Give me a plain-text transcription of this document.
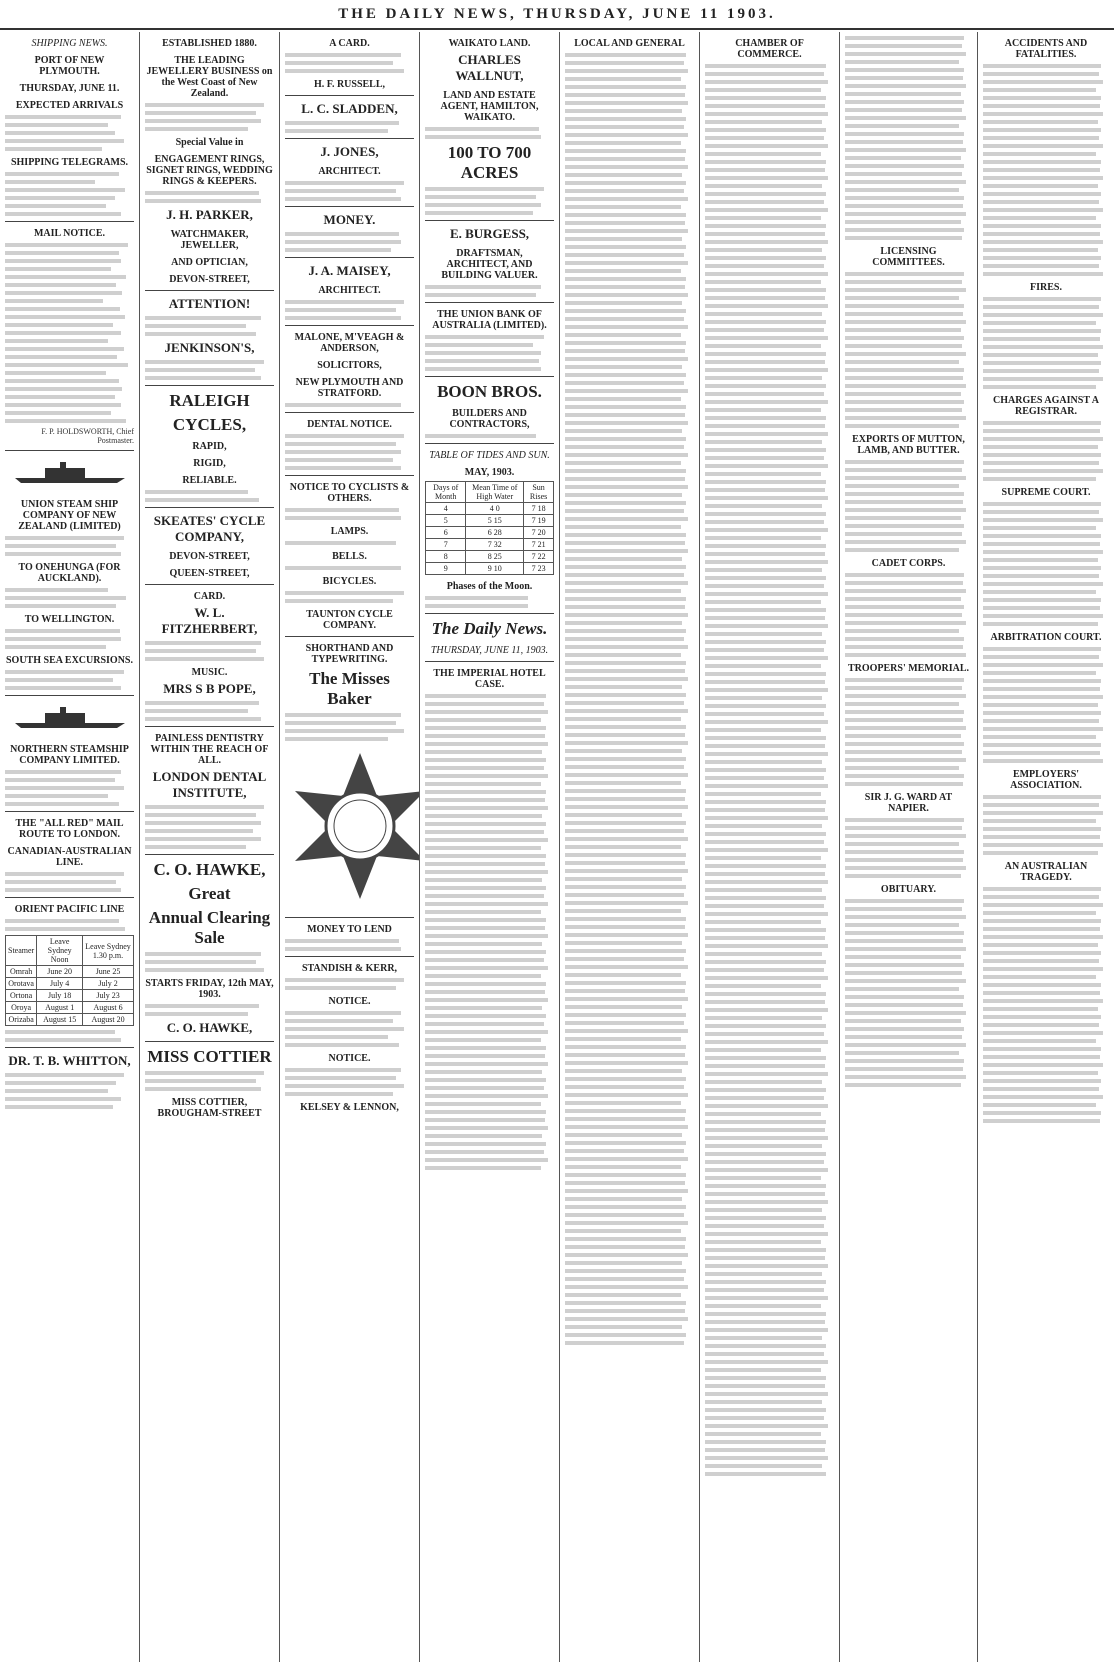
THE DAILY NEWS, THURSDAY, JUNE 11 1903.
SHIPPING NEWS.
PORT OF NEW PLYMOUTH.
THURSDAY, JUNE 11.
EXPECTED ARRIVALS
SHIPPING TELEGRAMS.
MAIL NOTICE.
F. P. HOLDSWORTH, Chief Postmaster.
UNION STEAM SHIP COMPANY OF NEW ZEALAND (LIMITED)
TO ONEHUNGA (FOR AUCKLAND).
TO WELLINGTON.
SOUTH SEA EXCURSIONS.
NORTHERN STEAMSHIP COMPANY LIMITED.
THE "ALL RED" MAIL ROUTE TO LONDON.
CANADIAN-AUSTRALIAN LINE.
ORIENT PACIFIC LINE
Steamer	Leave Sydney Noon	Leave Sydney 1.30 p.m.
Omrah	June 20	June 25
Orotava	July 4	July 2
Ortona	July 18	July 23
Oroya	August 1	August 6
Orizaba	August 15	August 20
DR. T. B. WHITTON,
ESTABLISHED 1880.
THE LEADING JEWELLERY BUSINESS on the West Coast of New Zealand.
Special Value in
ENGAGEMENT RINGS, SIGNET RINGS, WEDDING RINGS & KEEPERS.
J. H. PARKER,
WATCHMAKER, JEWELLER,
AND OPTICIAN,
DEVON-STREET,
ATTENTION!
JENKINSON'S,
RALEIGH
CYCLES,
RAPID,
RIGID,
RELIABLE.
SKEATES' CYCLE COMPANY,
DEVON-STREET,
QUEEN-STREET,
CARD.
W. L. FITZHERBERT,
MUSIC.
MRS S B POPE,
PAINLESS DENTISTRY WITHIN THE REACH OF ALL.
LONDON DENTAL INSTITUTE,
C. O. HAWKE,
Great
Annual Clearing Sale
STARTS FRIDAY, 12th MAY, 1903.
C. O. HAWKE,
MISS COTTIER
MISS COTTIER, BROUGHAM-STREET
A CARD.
H. F. RUSSELL,
L. C. SLADDEN,
J. JONES,
ARCHITECT.
MONEY.
J. A. MAISEY,
ARCHITECT.
MALONE, M'VEAGH & ANDERSON,
SOLICITORS,
NEW PLYMOUTH AND STRATFORD.
DENTAL NOTICE.
NOTICE TO CYCLISTS & OTHERS.
LAMPS.
BELLS.
BICYCLES.
TAUNTON CYCLE COMPANY.
SHORTHAND AND TYPEWRITING.
The Misses Baker
MONEY TO LEND
STANDISH & KERR,
NOTICE.
NOTICE.
KELSEY & LENNON,
WAIKATO LAND.
CHARLES WALLNUT,
LAND AND ESTATE AGENT, HAMILTON, WAIKATO.
100 TO 700 ACRES
E. BURGESS,
DRAFTSMAN, ARCHITECT, AND BUILDING VALUER.
THE UNION BANK OF AUSTRALIA (LIMITED).
BOON BROS.
BUILDERS AND CONTRACTORS,
TABLE OF TIDES AND SUN.
MAY, 1903.
Days of Month	Mean Time of High Water	Sun Rises
4	4 0	7 18
5	5 15	7 19
6	6 28	7 20
7	7 32	7 21
8	8 25	7 22
9	9 10	7 23
Phases of the Moon.
The Daily News.
THURSDAY, JUNE 11, 1903.
THE IMPERIAL HOTEL CASE.
LOCAL AND GENERAL	CHAMBER OF COMMERCE.
LICENSING COMMITTEES.
EXPORTS OF MUTTON, LAMB, AND BUTTER.
CADET CORPS.
TROOPERS' MEMORIAL.
SIR J. G. WARD AT NAPIER.
OBITUARY.
ACCIDENTS AND FATALITIES.
FIRES.
CHARGES AGAINST A REGISTRAR.
SUPREME COURT.
ARBITRATION COURT.
EMPLOYERS' ASSOCIATION.
AN AUSTRALIAN TRAGEDY.
